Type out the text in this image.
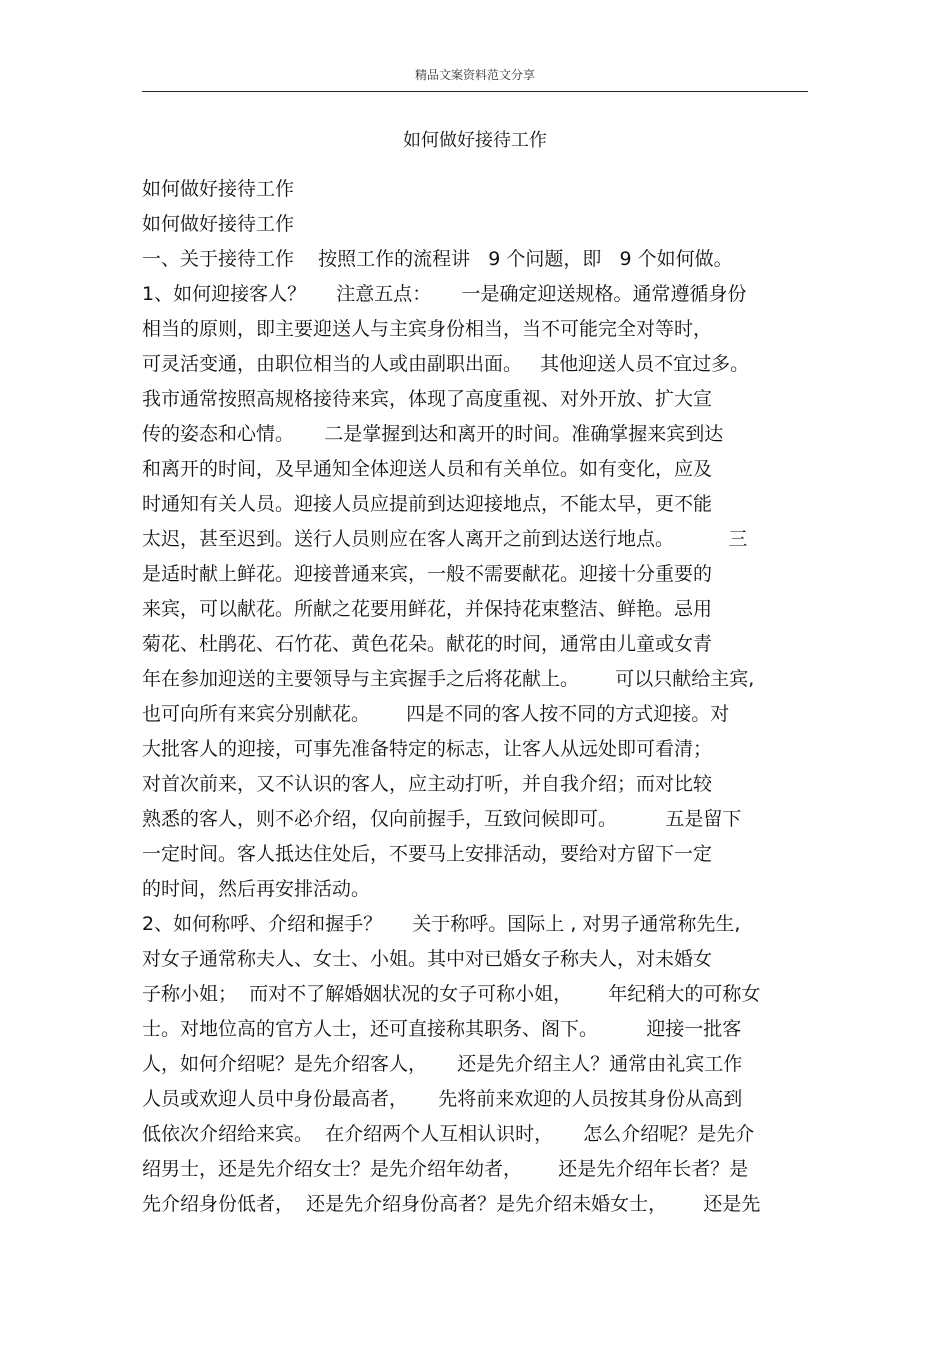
精品文案资料范文分享
如何做好接待工作
如何做好接待工作
如何做好接待工作
一、关于接待工作    按照工作的流程讲   9 个问题，即   9 个如何做。
1、如何迎接客人？     注意五点：     一是确定迎送规格。通常遵循身份
相当的原则，即主要迎送人与主宾身份相当，当不可能完全对等时，
可灵活变通，由职位相当的人或由副职出面。   其他迎送人员不宜过多。
我市通常按照高规格接待来宾，体现了高度重视、对外开放、扩大宣
传的姿态和心情。     二是掌握到达和离开的时间。准确掌握来宾到达
和离开的时间，及早通知全体迎送人员和有关单位。如有变化，应及
时通知有关人员。迎接人员应提前到达迎接地点，不能太早，更不能
太迟，甚至迟到。送行人员则应在客人离开之前到达送行地点。         三
是适时献上鲜花。迎接普通来宾，一般不需要献花。迎接十分重要的
来宾，可以献花。所献之花要用鲜花，并保持花束整洁、鲜艳。忌用
菊花、杜鹃花、石竹花、黄色花朵。献花的时间，通常由儿童或女青
年在参加迎送的主要领导与主宾握手之后将花献上。      可以只献给主宾,
也可向所有来宾分别献花。      四是不同的客人按不同的方式迎接。对
大批客人的迎接，可事先准备特定的标志，让客人从远处即可看清；
对首次前来，又不认识的客人，应主动打听，并自我介绍；而对比较
熟悉的客人，则不必介绍，仅向前握手，互致问候即可。        五是留下
一定时间。客人抵达住处后，不要马上安排活动，要给对方留下一定
的时间，然后再安排活动。
2、如何称呼、介绍和握手？     关于称呼。国际上 , 对男子通常称先生,
对女子通常称夫人、女士、小姐。其中对已婚女子称夫人，对未婚女
子称小姐；  而对不了解婚姻状况的女子可称小姐，      年纪稍大的可称女
士。对地位高的官方人士，还可直接称其职务、阁下。        迎接一批客
人，如何介绍呢？是先介绍客人，     还是先介绍主人？通常由礼宾工作
人员或欢迎人员中身份最高者，     先将前来欢迎的人员按其身份从高到
低依次介绍给来宾。  在介绍两个人互相认识时，     怎么介绍呢？是先介
绍男士，还是先介绍女士？是先介绍年幼者，      还是先介绍年长者？是
先介绍身份低者，  还是先介绍身份高者？是先介绍未婚女士，      还是先
